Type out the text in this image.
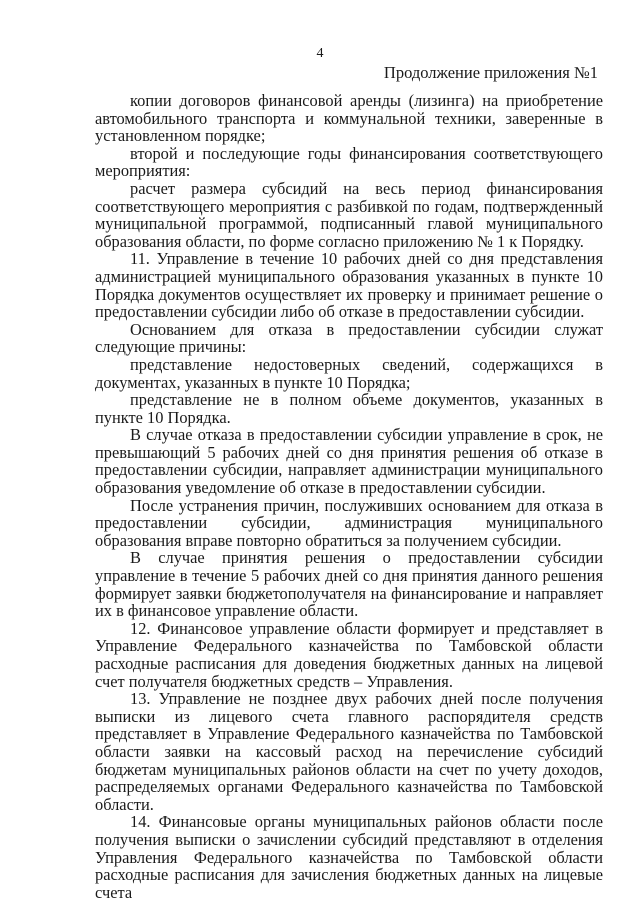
4
Продолжение приложения №1

копии договоров финансовой аренды (лизинга) на приобретение автомобильного транспорта и коммунальной техники, заверенные в установленном порядке;

второй и последующие годы финансирования соответствующего мероприятия:

расчет размера субсидий на весь период финансирования соответствующего мероприятия с разбивкой по годам, подтвержденный муниципальной программой, подписанный главой муниципального образования области, по форме согласно приложению № 1 к Порядку.

11. Управление в течение 10 рабочих дней со дня представления администрацией муниципального образования указанных в пункте 10 Порядка документов осуществляет их проверку и принимает решение о предоставлении субсидии либо об отказе в предоставлении субсидии.

Основанием для отказа в предоставлении субсидии служат следующие причины:

представление недостоверных сведений, содержащихся в документах, указанных в пункте 10 Порядка;

представление не в полном объеме документов, указанных в пункте 10 Порядка.

В случае отказа в предоставлении субсидии управление в срок, не превышающий 5 рабочих дней со дня принятия решения об отказе в предоставлении субсидии, направляет администрации муниципального образования уведомление об отказе в предоставлении субсидии.

После устранения причин, послуживших основанием для отказа в предоставлении субсидии, администрация муниципального образования вправе повторно обратиться за получением субсидии.

В случае принятия решения о предоставлении субсидии управление в течение 5 рабочих дней со дня принятия данного решения формирует заявки бюджетополучателя на финансирование и направляет их в финансовое управление области.

12. Финансовое управление области формирует и представляет в Управление Федерального казначейства по Тамбовской области расходные расписания для доведения бюджетных данных на лицевой счет получателя бюджетных средств – Управления.

13. Управление не позднее двух рабочих дней после получения выписки из лицевого счета главного распорядителя средств представляет в Управление Федерального казначейства по Тамбовской области заявки на кассовый расход на перечисление субсидий бюджетам муниципальных районов области на счет по учету доходов, распределяемых органами Федерального казначейства по Тамбовской области.

14. Финансовые органы муниципальных районов области после получения выписки о зачислении субсидий представляют в отделения Управления Федерального казначейства по Тамбовской области расходные расписания для зачисления бюджетных данных на лицевые счета
